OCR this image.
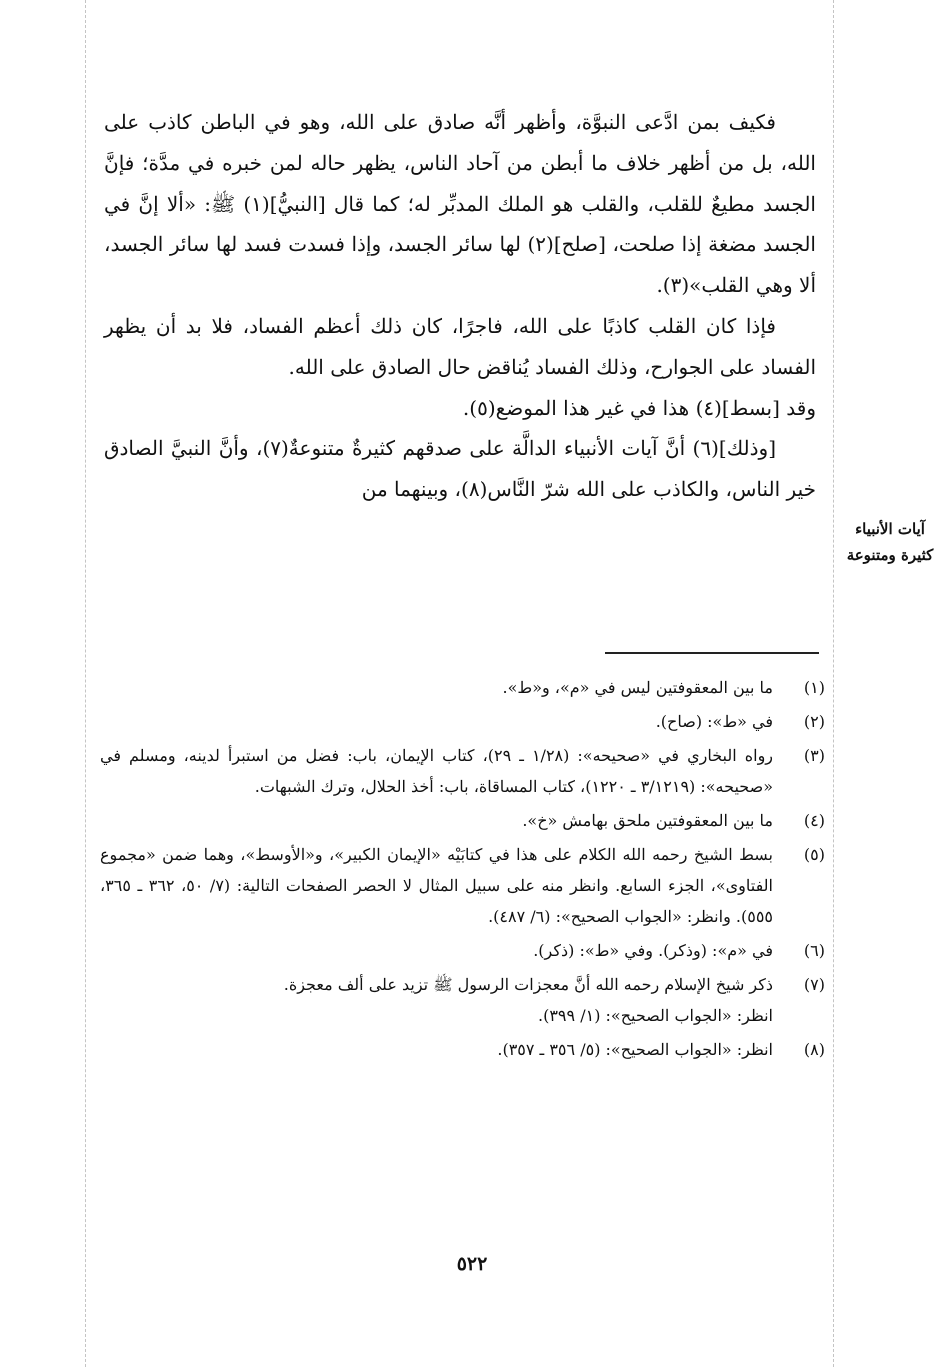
فكيف بمن ادَّعى النبوَّة، وأظهر أنَّه صادق على الله، وهو في الباطن كاذب على الله، بل من أظهر خلاف ما أبطن من آحاد الناس، يظهر حاله لمن خبره في مدَّة؛ فإنَّ الجسد مطيعٌ للقلب، والقلب هو الملك المدبِّر له؛ كما قال [النبيُّ](١) ﷺ: «ألا إنَّ في الجسد مضغة إذا صلحت، [صلح](٢) لها سائر الجسد، وإذا فسدت فسد لها سائر الجسد، ألا وهي القلب»(٣).

فإذا كان القلب كاذبًا على الله، فاجرًا، كان ذلك أعظم الفساد، فلا بد أن يظهر الفساد على الجوارح، وذلك الفساد يُناقض حال الصادق على الله.

وقد [بسط](٤) هذا في غير هذا الموضع(٥).

[وذلك](٦) أنَّ آيات الأنبياء الدالَّة على صدقهم كثيرةٌ متنوعةٌ(٧)، وأنَّ النبيَّ الصادق خير الناس، والكاذب على الله شرّ النَّاس(٨)، وبينهما من

آيات الأنبياء
كثيرة ومتنوعة
(١)
ما بين المعقوفتين ليس في «م»، و«ط».
(٢)
في «ط»: (صاح).
(٣)
رواه البخاري في «صحيحه»: (١/٢٨ ـ ٢٩)، كتاب الإيمان، باب: فضل من استبرأ لدينه، ومسلم في «صحيحه»: (٣/١٢١٩ ـ ١٢٢٠)، كتاب المساقاة، باب: أخذ الحلال، وترك الشبهات.
(٤)
ما بين المعقوفتين ملحق بهامش «خ».
(٥)
بسط الشيخ رحمه الله الكلام على هذا في كتابَيْه «الإيمان الكبير»، و«الأوسط»، وهما ضمن «مجموع الفتاوى»، الجزء السابع. وانظر منه على سبيل المثال لا الحصر الصفحات التالية: (٧/ ٥٠، ٣٦٢ ـ ٣٦٥، ٥٥٥). وانظر: «الجواب الصحيح»: (٦/ ٤٨٧).
(٦)
في «م»: (وذكر). وفي «ط»: (ذكر).
(٧)
ذكر شيخ الإسلام رحمه الله أنَّ معجزات الرسول ﷺ تزيد على ألف معجزة.
انظر: «الجواب الصحيح»: (١/ ٣٩٩).
(٨)
انظر: «الجواب الصحيح»: (٥/ ٣٥٦ ـ ٣٥٧).
٥٢٢
